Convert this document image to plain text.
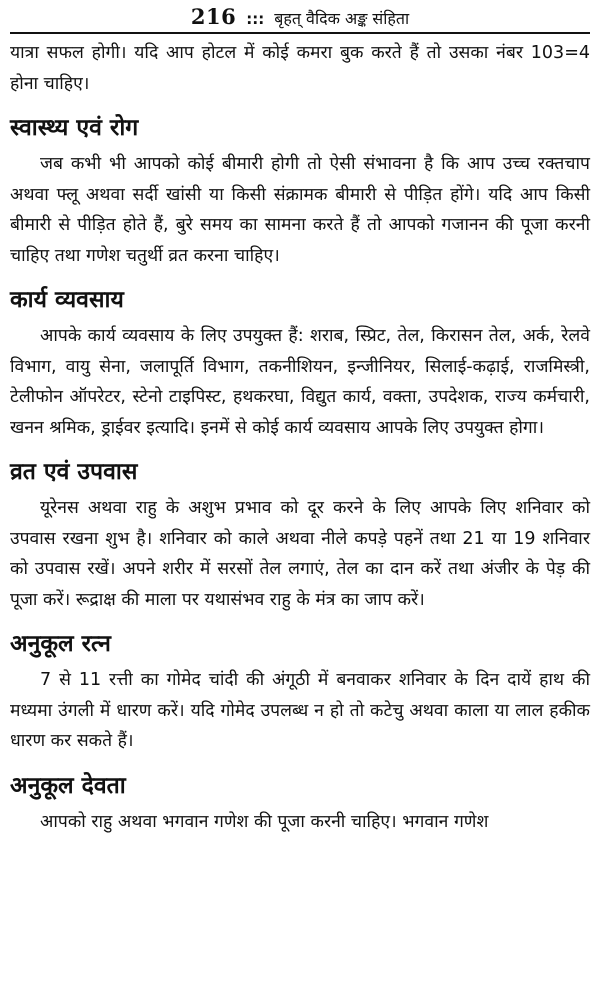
216 ::: बृहत् वैदिक अङ्क संहिता

यात्रा सफल होगी। यदि आप होटल में कोई कमरा बुक करते हैं तो उसका नंबर 103=4 होना चाहिए।

स्वास्थ्य एवं रोग

जब कभी भी आपको कोई बीमारी होगी तो ऐसी संभावना है कि आप उच्च रक्तचाप अथवा फ्लू अथवा सर्दी खांसी या किसी संक्रामक बीमारी से पीड़ित होंगे। यदि आप किसी बीमारी से पीड़ित होते हैं, बुरे समय का सामना करते हैं तो आपको गजानन की पूजा करनी चाहिए तथा गणेश चतुर्थी व्रत करना चाहिए।

कार्य व्यवसाय

आपके कार्य व्यवसाय के लिए उपयुक्त हैं: शराब, स्प्रिट, तेल, किरासन तेल, अर्क, रेलवे विभाग, वायु सेना, जलापूर्ति विभाग, तकनीशियन, इन्जीनियर, सिलाई-कढ़ाई, राजमिस्त्री, टेलीफोन ऑपरेटर, स्टेनो टाइपिस्ट, हथकरघा, विद्युत कार्य, वक्ता, उपदेशक, राज्य कर्मचारी, खनन श्रमिक, ड्राईवर इत्यादि। इनमें से कोई कार्य व्यवसाय आपके लिए उपयुक्त होगा।

व्रत एवं उपवास

यूरेनस अथवा राहु के अशुभ प्रभाव को दूर करने के लिए आपके लिए शनिवार को उपवास रखना शुभ है। शनिवार को काले अथवा नीले कपड़े पहनें तथा 21 या 19 शनिवार को उपवास रखें। अपने शरीर में सरसों तेल लगाएं, तेल का दान करें तथा अंजीर के पेड़ की पूजा करें। रूद्राक्ष की माला पर यथासंभव राहु के मंत्र का जाप करें।

अनुकूल रत्न

7 से 11 रत्ती का गोमेद चांदी की अंगूठी में बनवाकर शनिवार के दिन दायें हाथ की मध्यमा उंगली में धारण करें। यदि गोमेद उपलब्ध न हो तो कटेचु अथवा काला या लाल हकीक धारण कर सकते हैं।

अनुकूल देवता

आपको राहु अथवा भगवान गणेश की पूजा करनी चाहिए। भगवान गणेश
